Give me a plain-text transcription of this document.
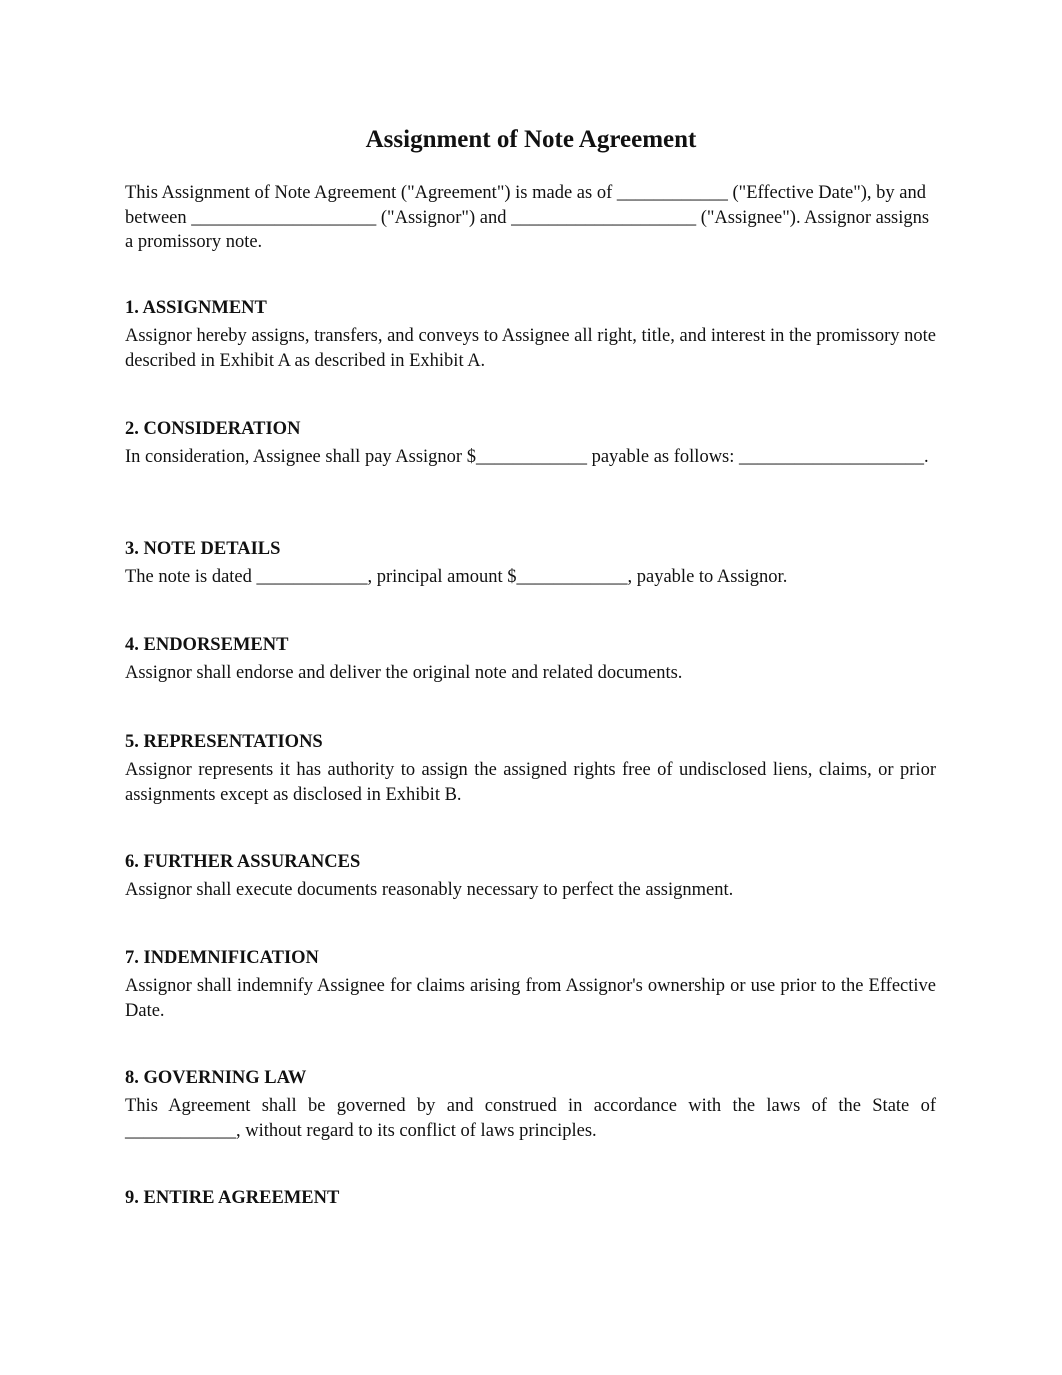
Assignment of Note Agreement
This Assignment of Note Agreement ("Agreement") is made as of ____________ ("Effective Date"), by and between ____________________ ("Assignor") and ____________________ ("Assignee"). Assignor assigns a promissory note.
1. ASSIGNMENT

Assignor hereby assigns, transfers, and conveys to Assignee all right, title, and interest in the promissory note described in Exhibit A as described in Exhibit A.

2. CONSIDERATION

In consideration, Assignee shall pay Assignor $____________ payable as follows: ____________________.

3. NOTE DETAILS

The note is dated ____________, principal amount $____________, payable to Assignor.

4. ENDORSEMENT

Assignor shall endorse and deliver the original note and related documents.

5. REPRESENTATIONS

Assignor represents it has authority to assign the assigned rights free of undisclosed liens, claims, or prior assignments except as disclosed in Exhibit B.

6. FURTHER ASSURANCES

Assignor shall execute documents reasonably necessary to perfect the assignment.

7. INDEMNIFICATION

Assignor shall indemnify Assignee for claims arising from Assignor's ownership or use prior to the Effective Date.

8. GOVERNING LAW

This Agreement shall be governed by and construed in accordance with the laws of the State of ____________, without regard to its conflict of laws principles.

9. ENTIRE AGREEMENT
